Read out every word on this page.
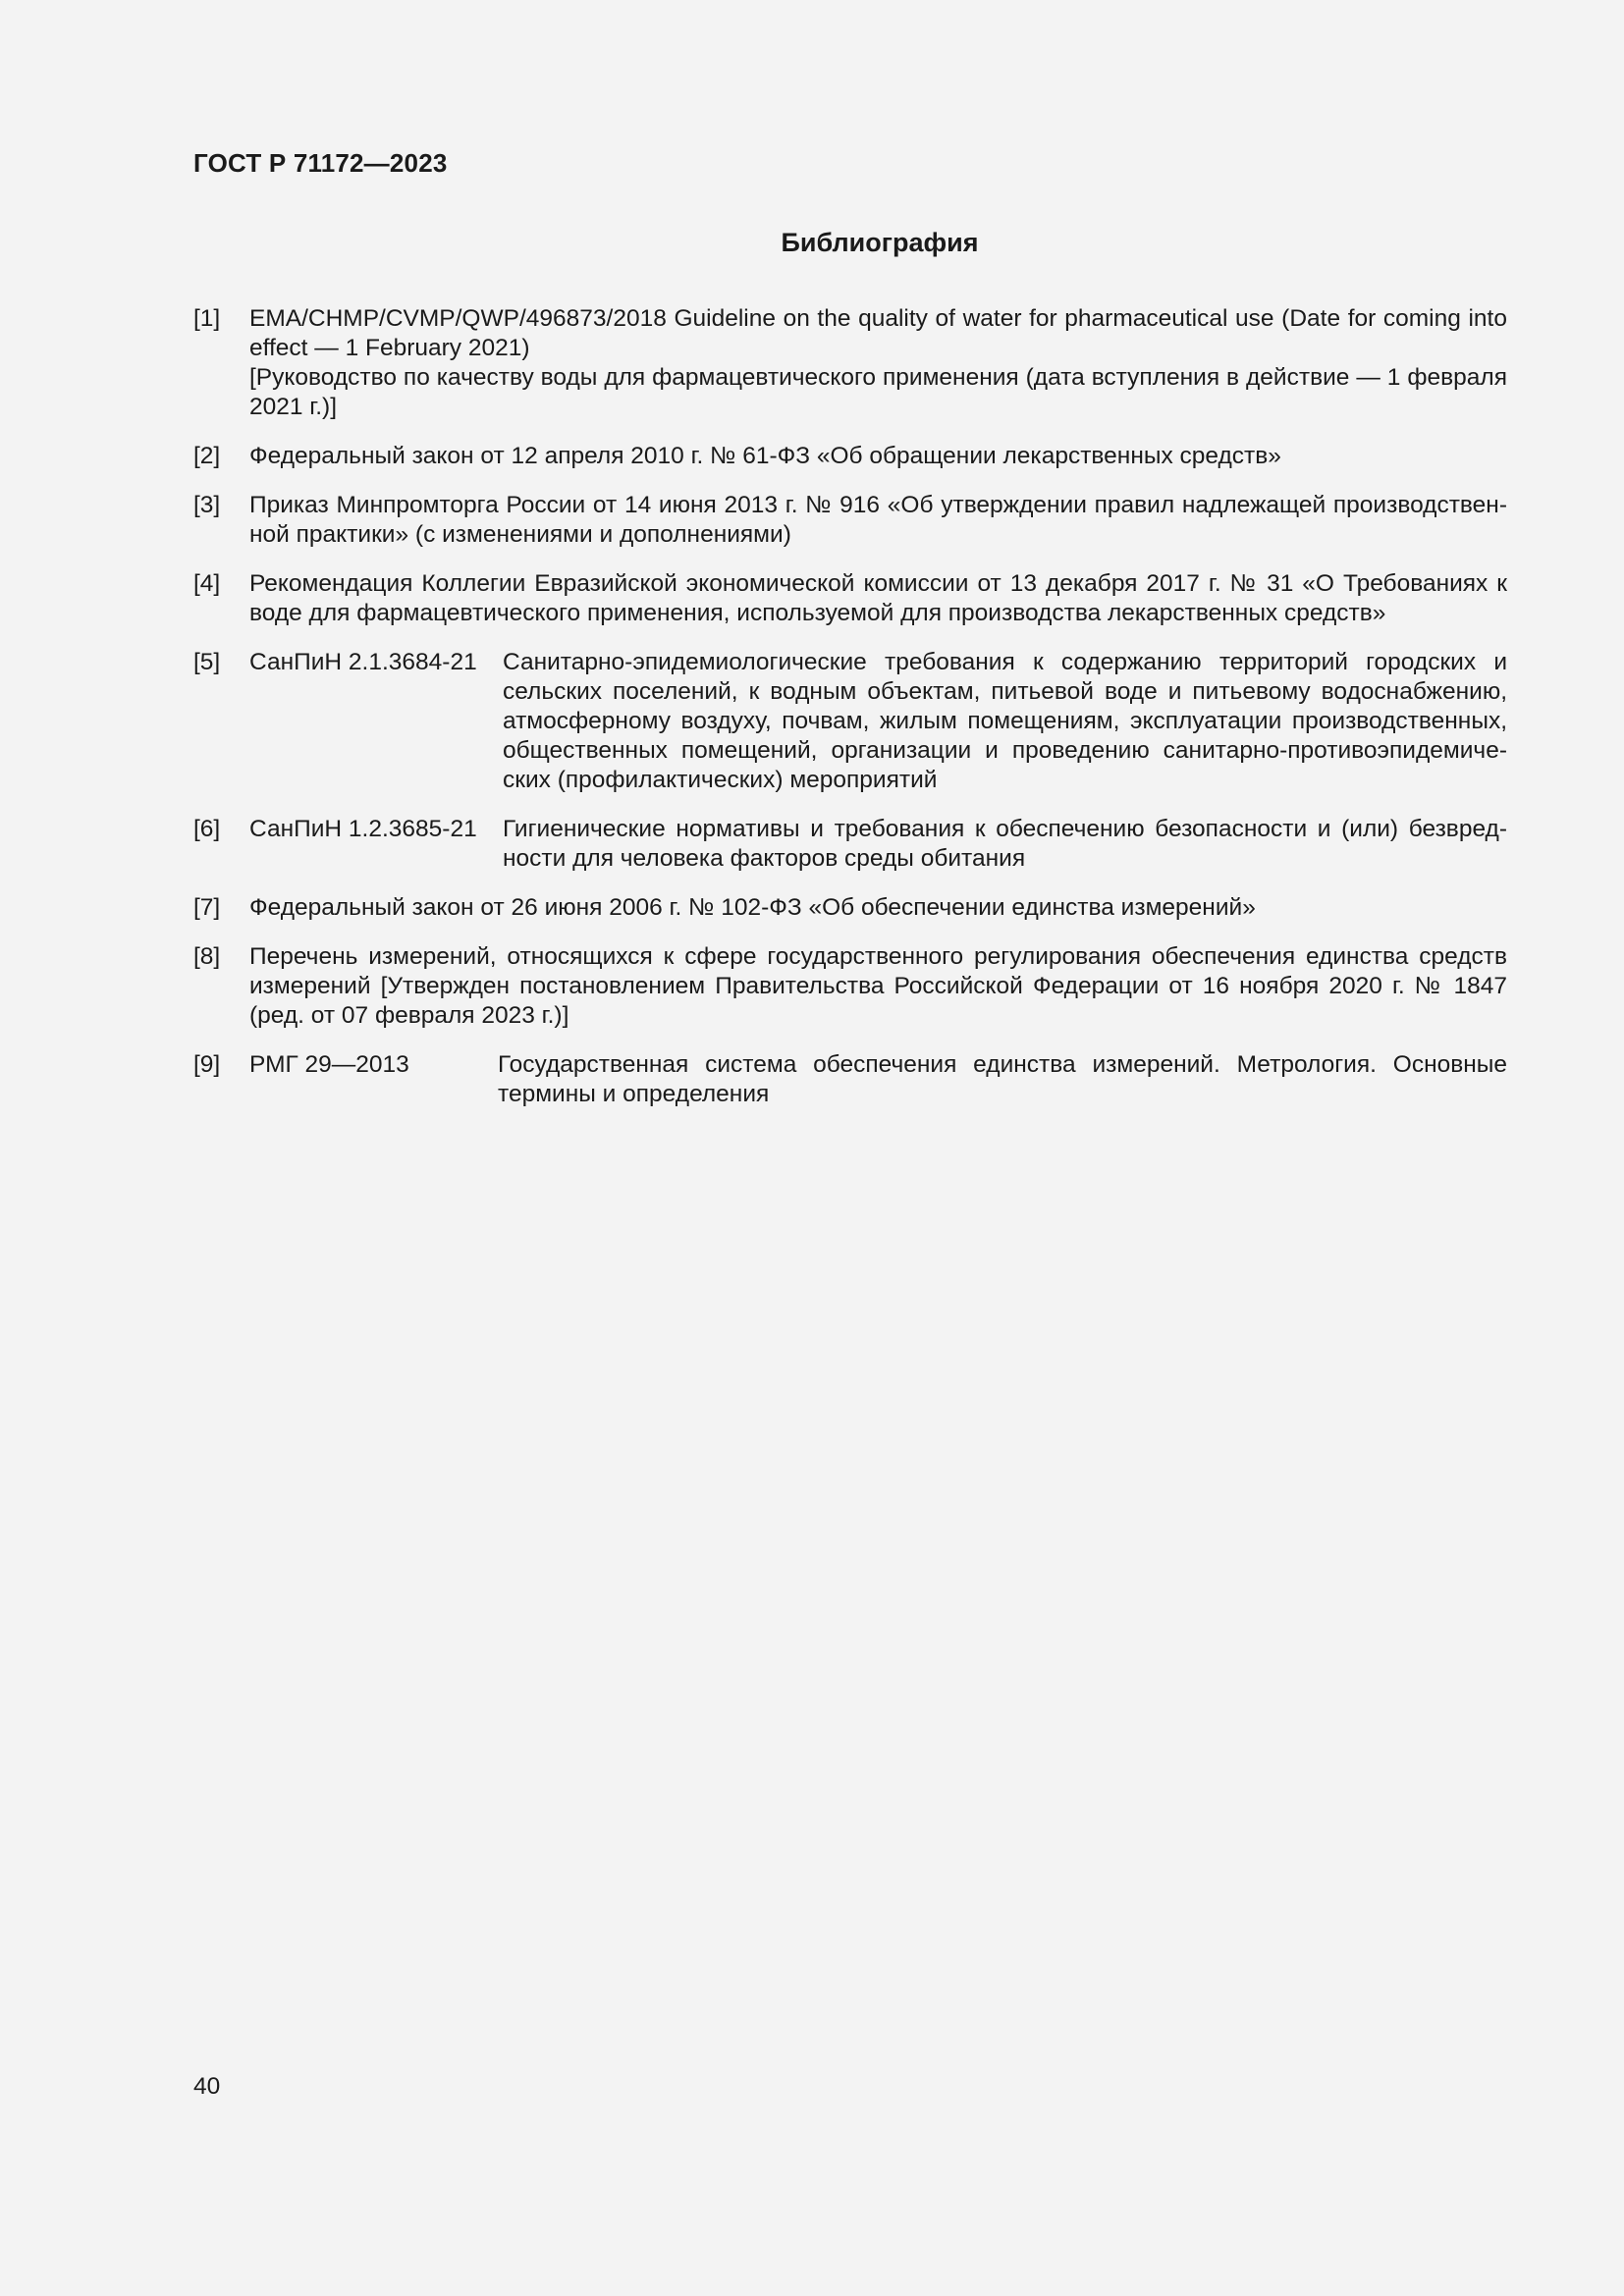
ГОСТ Р 71172—2023
Библиография
[1]	EMA/CHMP/CVMP/QWP/496873/2018 Guideline on the quality of water for pharmaceutical use (Date for coming into effect — 1 February 2021)

[Руководство по качеству воды для фармацевтического применения (дата вступления в действие — 1 февраля 2021 г.)]

[2]	Федеральный закон от 12 апреля 2010 г. № 61-ФЗ «Об обращении лекарственных средств»
[3]	Приказ Минпромторга России от 14 июня 2013 г. № 916 «Об утверждении правил надлежащей производствен-ной практики» (с изменениями и дополнениями)
[4]	Рекомендация Коллегии Евразийской экономической комиссии от 13 декабря 2017 г. № 31 «О Требованиях к воде для фармацевтического применения, используемой для производства лекарственных средств»
[5]	СанПиН 2.1.3684-21	Санитарно-эпидемиологические требования к содержанию территорий городских и сельских поселений, к водным объектам, питьевой воде и питьевому водоснабжению, атмосферному воздуху, почвам, жилым помещениям, эксплуатации производственных, общественных помещений, организации и проведению санитарно-противоэпидемиче-ских (профилактических) мероприятий
[6]	СанПиН 1.2.3685-21	Гигиенические нормативы и требования к обеспечению безопасности и (или) безвред-ности для человека факторов среды обитания
[7]	Федеральный закон от 26 июня 2006 г. № 102-ФЗ «Об обеспечении единства измерений»
[8]	Перечень измерений, относящихся к сфере государственного регулирования обеспечения единства средств измерений [Утвержден постановлением Правительства Российской Федерации от 16 ноября 2020 г. № 1847 (ред. от 07 февраля 2023 г.)]
[9]	РМГ 29—2013	Государственная система обеспечения единства измерений. Метрология. Основные термины и определения
40
